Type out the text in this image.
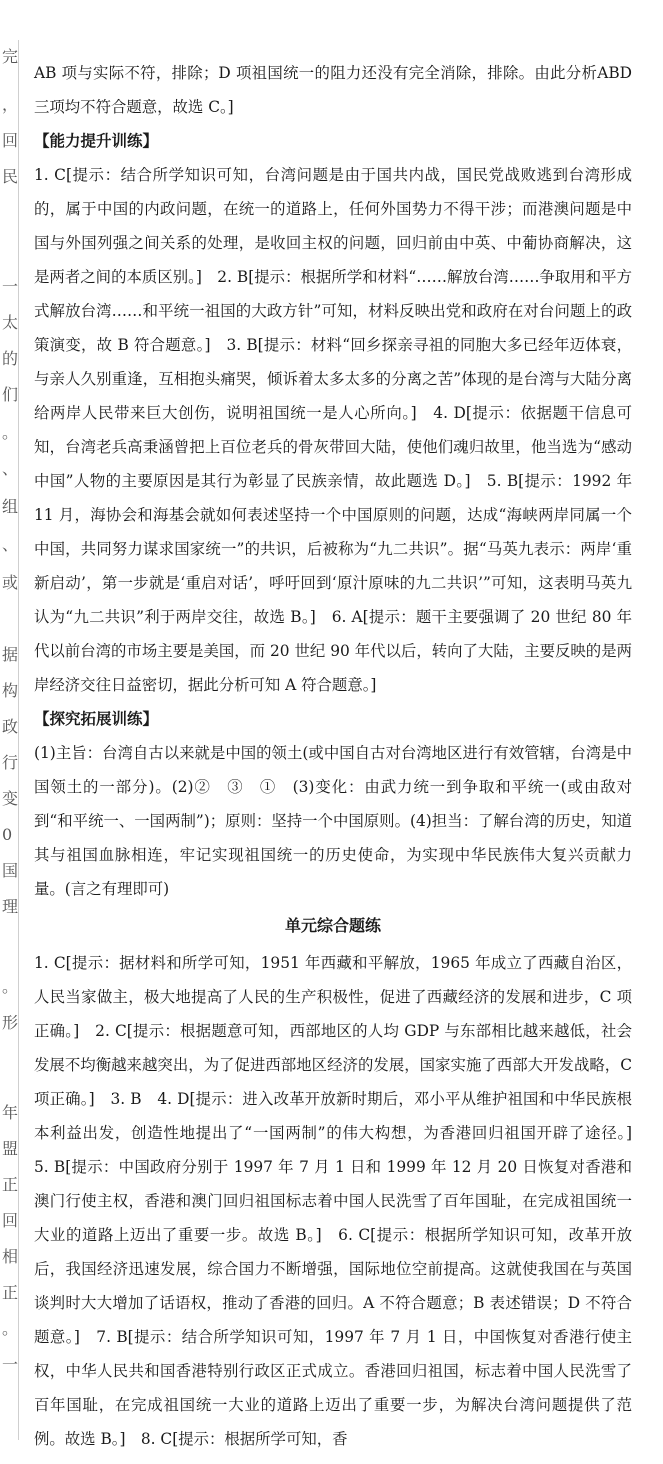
完
，
回
民
一
太
的
们
。
、
组
、
或
据
构
政
行
变
0
国
理
。
形
年
盟
正
回
相
正
。
一

AB 项与实际不符，排除；D 项祖国统一的阻力还没有完全消除，排除。由此分析ABD 三项均不符合题意，故选 C。]

【能力提升训练】

1. C[提示：结合所学知识可知，台湾问题是由于国共内战，国民党战败逃到台湾形成的，属于中国的内政问题，在统一的道路上，任何外国势力不得干涉；而港澳问题是中国与外国列强之间关系的处理，是收回主权的问题，回归前由中英、中葡协商解决，这是两者之间的本质区别。]　2. B[提示：根据所学和材料“……解放台湾……争取用和平方式解放台湾……和平统一祖国的大政方针”可知，材料反映出党和政府在对台问题上的政策演变，故 B 符合题意。]　3. B[提示：材料“回乡探亲寻祖的同胞大多已经年迈体衰，与亲人久别重逢，互相抱头痛哭，倾诉着太多太多的分离之苦”体现的是台湾与大陆分离给两岸人民带来巨大创伤，说明祖国统一是人心所向。]　4. D[提示：依据题干信息可知，台湾老兵高秉涵曾把上百位老兵的骨灰带回大陆，使他们魂归故里，他当选为“感动中国”人物的主要原因是其行为彰显了民族亲情，故此题选 D。]　5. B[提示：1992 年 11 月，海协会和海基会就如何表述坚持一个中国原则的问题，达成“海峡两岸同属一个中国，共同努力谋求国家统一”的共识，后被称为“九二共识”。据“马英九表示：两岸‘重新启动’，第一步就是‘重启对话’，呼吁回到‘原汁原味的九二共识’”可知，这表明马英九认为“九二共识”利于两岸交往，故选 B。]　6. A[提示：题干主要强调了 20 世纪 80 年代以前台湾的市场主要是美国，而 20 世纪 90 年代以后，转向了大陆，主要反映的是两岸经济交往日益密切，据此分析可知 A 符合题意。]

【探究拓展训练】

(1)主旨：台湾自古以来就是中国的领土(或中国自古对台湾地区进行有效管辖，台湾是中国领土的一部分)。(2)②　③　①　(3)变化：由武力统一到争取和平统一(或由敌对到“和平统一、一国两制”)；原则：坚持一个中国原则。(4)担当：了解台湾的历史，知道其与祖国血脉相连，牢记实现祖国统一的历史使命，为实现中华民族伟大复兴贡献力量。(言之有理即可)

单元综合题练

1. C[提示：据材料和所学可知，1951 年西藏和平解放，1965 年成立了西藏自治区，人民当家做主，极大地提高了人民的生产积极性，促进了西藏经济的发展和进步，C 项正确。]　2. C[提示：根据题意可知，西部地区的人均 GDP 与东部相比越来越低，社会发展不均衡越来越突出，为了促进西部地区经济的发展，国家实施了西部大开发战略，C 项正确。]　3. B　4. D[提示：进入改革开放新时期后，邓小平从维护祖国和中华民族根本利益出发，创造性地提出了“一国两制”的伟大构想，为香港回归祖国开辟了途径。]　5. B[提示：中国政府分别于 1997 年 7 月 1 日和 1999 年 12 月 20 日恢复对香港和澳门行使主权，香港和澳门回归祖国标志着中国人民洗雪了百年国耻，在完成祖国统一大业的道路上迈出了重要一步。故选 B。]　6. C[提示：根据所学知识可知，改革开放后，我国经济迅速发展，综合国力不断增强，国际地位空前提高。这就使我国在与英国谈判时大大增加了话语权，推动了香港的回归。A 不符合题意；B 表述错误；D 不符合题意。]　7. B[提示：结合所学知识可知，1997 年 7 月 1 日，中国恢复对香港行使主权，中华人民共和国香港特别行政区正式成立。香港回归祖国，标志着中国人民洗雪了百年国耻，在完成祖国统一大业的道路上迈出了重要一步，为解决台湾问题提供了范例。故选 B。]　8. C[提示：根据所学可知，香
